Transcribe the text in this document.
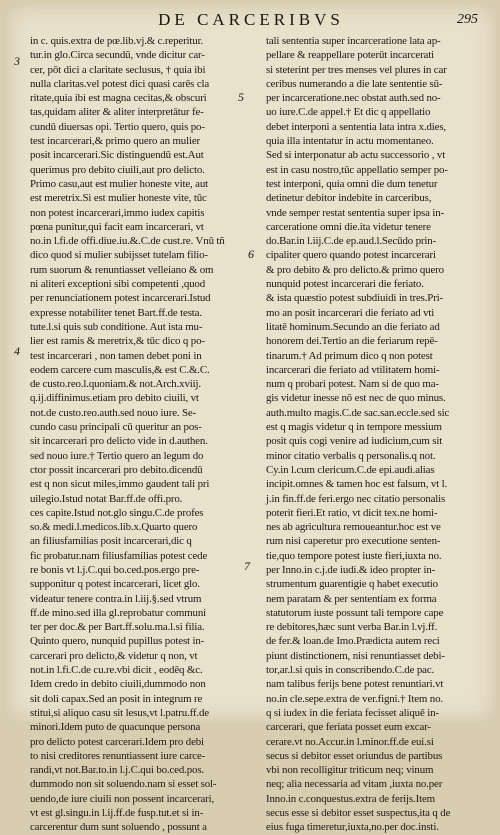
DE CARCERIBVS	295
3
4
5
6
7
in c. quis.extra de pœ.lib.vj.& c.reperitur.
tur.in glo.Circa secundũ, vnde dicitur car-
cer, pōt dici a claritate seclusus, † quia ibi
nulla claritas.vel potest dici quasi carēs cla
ritate,quia ibi est magna cecitas,& obscuri
tas,quidam aliter & aliter interpretātur fe-
cundū diuersas opi. Tertio quero, quis po-
test incarcerari,& primo quero an mulier
posit incarcerari.Sic distinguendū est.Aut
querimus pro debito ciuili,aut pro delicto.
Primo casu,aut est mulier honeste vite, aut
est meretrix.Si est mulier honeste vite, tūc
non potest incarcerari,immo iudex capitis
pœna punitur,qui facit eam incarcerari, vt
no.in l.fi.de offi.diue.iu.&.C.de cust.re. Vnū tñ
dico quod si mulier subijsset tutelam filio-
rum suorum & renuntiasset velleiano & om
ni aliteri exceptioni sibi competenti ,quod
per renunciationem potest incarcerari.Istud
expresse notabiliter tenet Bart.ff.de testa.
tute.l.si quis sub conditione. Aut ista mu-
lier est ramis & meretrix,& tūc dico q po-
test incarcerari , non tamen debet poni in
eodem carcere cum masculis,& est C.&.C.
de custo.reo.l.quoniam.& not.Arch.xviij.
q.ij.diffinimus.etiam pro debito ciuili, vt
not.de custo.reo.auth.sed nouo iure. Se-
cundo casu principali cū queritur an pos-
sit incarcerari pro delicto vide in d.authen.
sed nouo iure.† Tertio quero an legum do
ctor possit incarcerari pro debito.dicendū
est q non sicut miles,immo gaudent tali pri
uilegio.Istud notat Bar.ff.de offi.pro.
ces capite.Istud not.glo singu.C.de profes
so.& medi.l.medicos.lib.x.Quarto quero
an filiusfamilias posit incarcerari,dic q
fic probatur.nam filiusfamilias potest cede
re bonis vt l.j.C.qui bo.ced.pos.ergo pre-
supponitur q potest incarcerari, licet glo.
videatur tenere contra.in l.iij.§.sed vtrum
ff.de mino.sed illa gl.reprobatur communi
ter per doc.& per Bart.ff.solu.ma.l.si filia.
Quinto quero, nunquid pupillus potest in-
carcerari pro delicto,& videtur q non, vt
not.in l.fi.C.de cu.re.vbi dicit , eodēq &c.
Idem credo in debito ciuili,dummodo non
sit doli capax.Sed an posit in integrum re
stitui,si aliquo casu sit lesus,vt l.patru.ff.de
minori.Idem puto de quacunque persona
pro delicto potest carcerari.Idem pro debi
to nisi creditores renuntiassent iure carce-
randi,vt not.Bar.to.in l.j.C.qui bo.ced.pos.
dummodo non sit soluendo.nam si esset sol-
uendo,de iure ciuili non possent incarcerari,
vt est gl.singu.in l.ij.ff.de fusp.tut.et si in-
carcerentur dum sunt soluendo , possunt a
tali sententia super incarceratione lata ap-
pellare & reappellare poterūt incarcerati
si steterint per tres menses vel plures in car
ceribus numerando a die late sententie sū-
per incarceratione.nec obstat auth.sed no-
uo iure.C.de appel.† Et dic q appellatio
debet interponi a sententia lata intra x.dies,
quia illa intentatur in actu momentaneo.
Sed si interponatur ab actu successorio , vt
est in casu nostro,tūc appellatio semper po-
test interponi, quia omni die dum tenetur
detinetur debitor indebite in carceribus,
vnde semper restat sententia super ipsa in-
carceratione omni die.ita videtur tenere
do.Bar.in l.iij.C.de ep.aud.l.Secūdo prin-
cipaliter quero quando potest incarcerari
& pro debito & pro delicto.& primo quero
nunquid potest incarcerari die feriato.
& ista quæstio potest subdiuidi in tres.Pri-
mo an posit incarcerari die feriato ad vti
litatē hominum.Secundo an die feriato ad
honorem dei.Tertio an die feriarum repē-
tinarum.† Ad primum dico q non potest
incarcerari die feriato ad vtilitatem homi-
num q probari potest. Nam si de quo ma-
gis videtur inesse nō est nec de quo minus.
auth.multo magis.C.de sac.san.eccle.sed sic
est q magis videtur q in tempore messium
posit quis cogi venire ad iudicium,cum sit
minor citatio verbalis q personalis.q not.
Cy.in l.cum clericum.C.de epi.audi.alias
incipit.omnes & tamen hoc est falsum, vt l.
j.in fin.ff.de feri.ergo nec citatio personalis
poterit fieri.Et ratio, vt dicit tex.ne homi-
nes ab agricultura remoueantur.hoc est ve
rum nisi caperetur pro executione senten-
tie,quo tempore potest iuste fieri,iuxta no.
per Inno.in c.j.de iudi.& ideo propter in-
strumentum guarentigie q habet executio
nem paratam & per sententiam ex forma
statutorum iuste possunt tali tempore cape
re debitores,hæc sunt verba Bar.in l.vj.ff.
de fer.& loan.de Imo.Prædicta autem reci
piunt distinctionem, nisi renuntiasset debi-
tor,ar.l.si quis in conscribendo.C.de pac.
nam talibus ferijs bene potest renuntiari.vt
no.in cle.sepe.extra de ver.figni.† Item no.
q si iudex in die feriata fecisset aliquē in-
carcerari, que feriata posset eum excar-
cerare.vt no.Accur.in l.minor.ff.de eui.si
secus si debitor esset oriundus de partibus
vbi non recolligitur triticum neq; vinum
neq; alia necessaria ad vitam ,iuxta no.per
Inno.in c.conquestus.extra de ferijs.Item
secus esse si debitor esset suspectus,ita q de
eius fuga timeretur,iuxta,no.per doc.insti.
